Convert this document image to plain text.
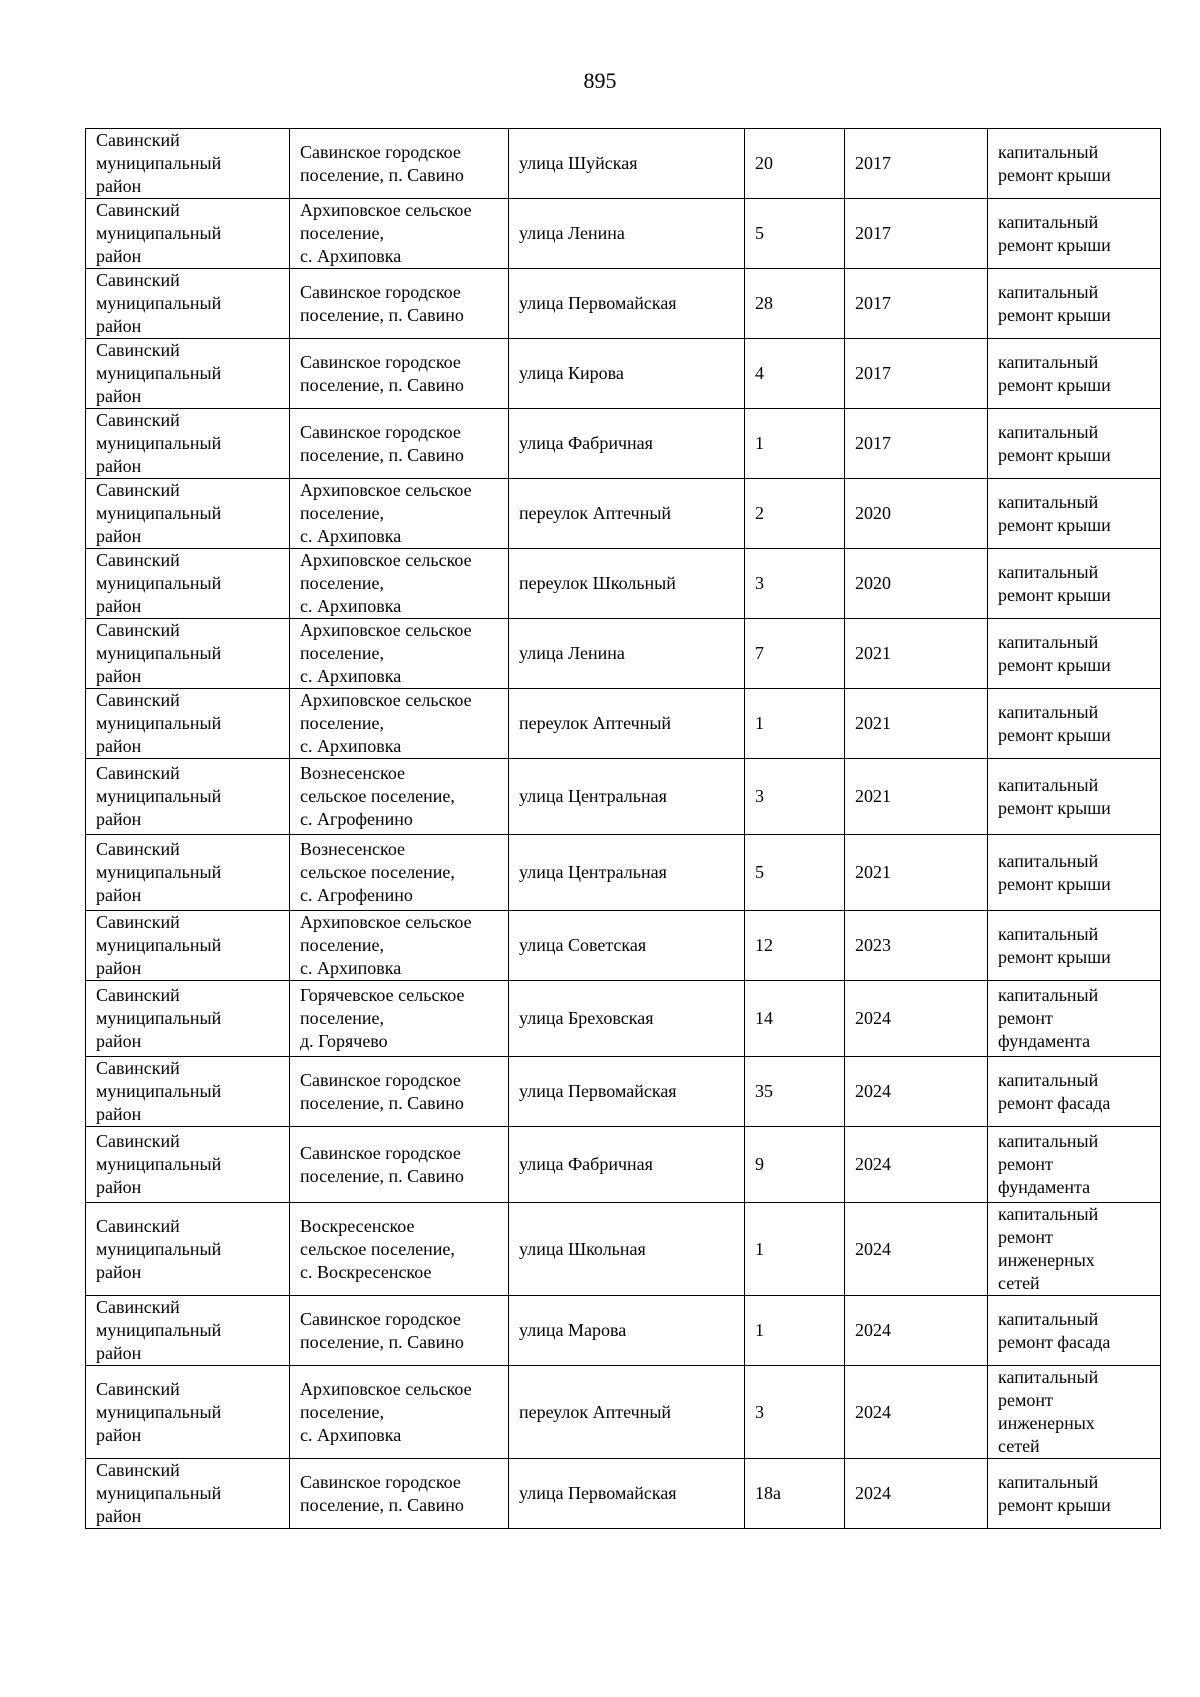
895
Савинский
муниципальный
район	Савинское городское
поселение, п. Савино	улица Шуйская	20	2017	капитальный
ремонт крыши
Савинский
муниципальный
район	Архиповское сельское
поселение,
с. Архиповка	улица Ленина	5	2017	капитальный
ремонт крыши
Савинский
муниципальный
район	Савинское городское
поселение, п. Савино	улица Первомайская	28	2017	капитальный
ремонт крыши
Савинский
муниципальный
район	Савинское городское
поселение, п. Савино	улица Кирова	4	2017	капитальный
ремонт крыши
Савинский
муниципальный
район	Савинское городское
поселение, п. Савино	улица Фабричная	1	2017	капитальный
ремонт крыши
Савинский
муниципальный
район	Архиповское сельское
поселение,
с. Архиповка	переулок Аптечный	2	2020	капитальный
ремонт крыши
Савинский
муниципальный
район	Архиповское сельское
поселение,
с. Архиповка	переулок Школьный	3	2020	капитальный
ремонт крыши
Савинский
муниципальный
район	Архиповское сельское
поселение,
с. Архиповка	улица Ленина	7	2021	капитальный
ремонт крыши
Савинский
муниципальный
район	Архиповское сельское
поселение,
с. Архиповка	переулок Аптечный	1	2021	капитальный
ремонт крыши
Савинский
муниципальный
район	Вознесенское
сельское поселение,
с. Агрофенино	улица Центральная	3	2021	капитальный
ремонт крыши
Савинский
муниципальный
район	Вознесенское
сельское поселение,
с. Агрофенино	улица Центральная	5	2021	капитальный
ремонт крыши
Савинский
муниципальный
район	Архиповское сельское
поселение,
с. Архиповка	улица Советская	12	2023	капитальный
ремонт крыши
Савинский
муниципальный
район	Горячевское сельское
поселение,
д. Горячево	улица Бреховская	14	2024	капитальный
ремонт
фундамента
Савинский
муниципальный
район	Савинское городское
поселение, п. Савино	улица Первомайская	35	2024	капитальный
ремонт фасада
Савинский
муниципальный
район	Савинское городское
поселение, п. Савино	улица Фабричная	9	2024	капитальный
ремонт
фундамента
Савинский
муниципальный
район	Воскресенское
сельское поселение,
с. Воскресенское	улица Школьная	1	2024	капитальный
ремонт
инженерных
сетей
Савинский
муниципальный
район	Савинское городское
поселение, п. Савино	улица Марова	1	2024	капитальный
ремонт фасада
Савинский
муниципальный
район	Архиповское сельское
поселение,
с. Архиповка	переулок Аптечный	3	2024	капитальный
ремонт
инженерных
сетей
Савинский
муниципальный
район	Савинское городское
поселение, п. Савино	улица Первомайская	18а	2024	капитальный
ремонт крыши
